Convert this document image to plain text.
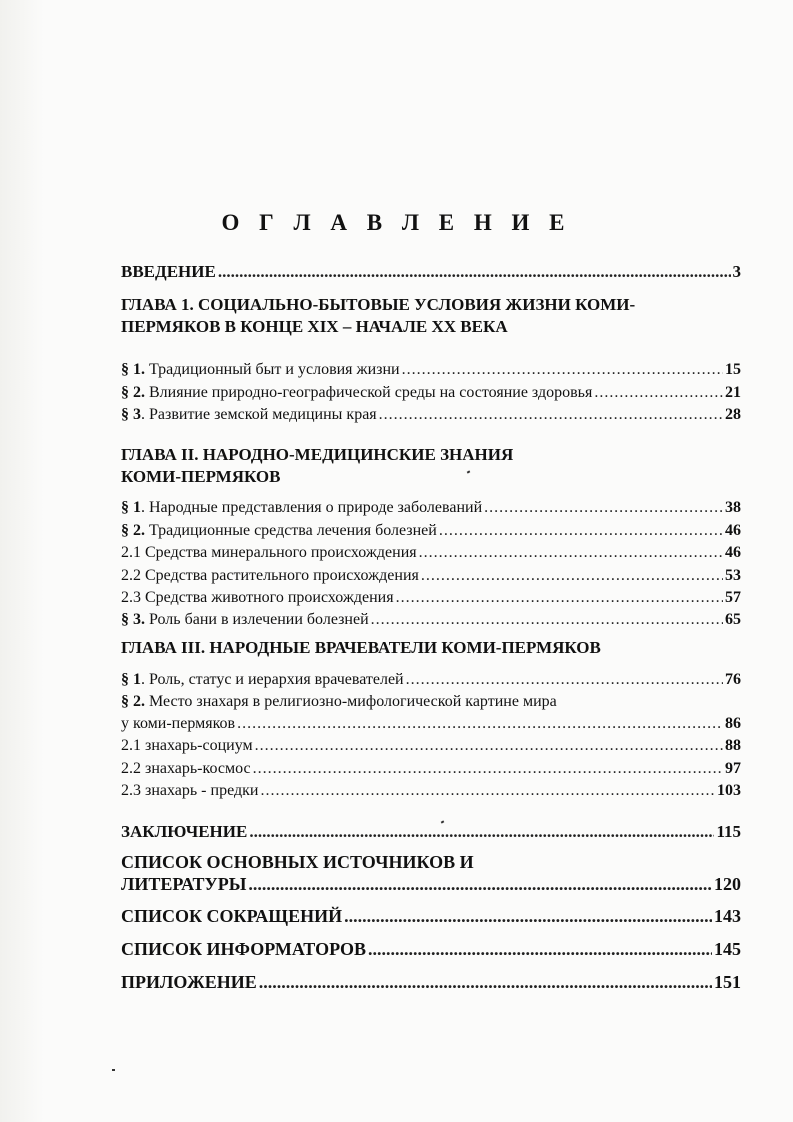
О Г Л А В Л Е Н И Е
ВВЕДЕНИЕ .....	3
ГЛАВА 1. СОЦИАЛЬНО-БЫТОВЫЕ УСЛОВИЯ ЖИЗНИ КОМИ-
ПЕРМЯКОВ В КОНЦЕ XIX – НАЧАЛЕ XX ВЕКА
§ 1. Традиционный быт и условия жизни .....	15
§ 2. Влияние природно-географической среды на состояние здоровья .....	21
§ 3. Развитие земской медицины края .....	28
ГЛАВА II. НАРОДНО-МЕДИЦИНСКИЕ ЗНАНИЯ
КОМИ-ПЕРМЯКОВ
§ 1. Народные представления о природе заболеваний .....	38
§ 2. Традиционные средства лечения болезней .....	46
2.1 Средства минерального происхождения .....	46
2.2 Средства растительного происхождения .....	53
2.3 Средства животного происхождения .....	57
§ 3. Роль бани в излечении болезней .....	65
ГЛАВА III. НАРОДНЫЕ ВРАЧЕВАТЕЛИ КОМИ-ПЕРМЯКОВ
§ 1. Роль, статус и иерархия врачевателей .....	76
§ 2. Место знахаря в религиозно-мифологической картине мира
у коми-пермяков .....	86
2.1 знахарь-социум .....	88
2.2 знахарь-космос .....	97
2.3 знахарь - предки .....	103
ЗАКЛЮЧЕНИЕ .....	115
СПИСОК ОСНОВНЫХ ИСТОЧНИКОВ И
ЛИТЕРАТУРЫ .....	120
СПИСОК СОКРАЩЕНИЙ .....	143
СПИСОК ИНФОРМАТОРОВ .....	145
ПРИЛОЖЕНИЕ .....	151
